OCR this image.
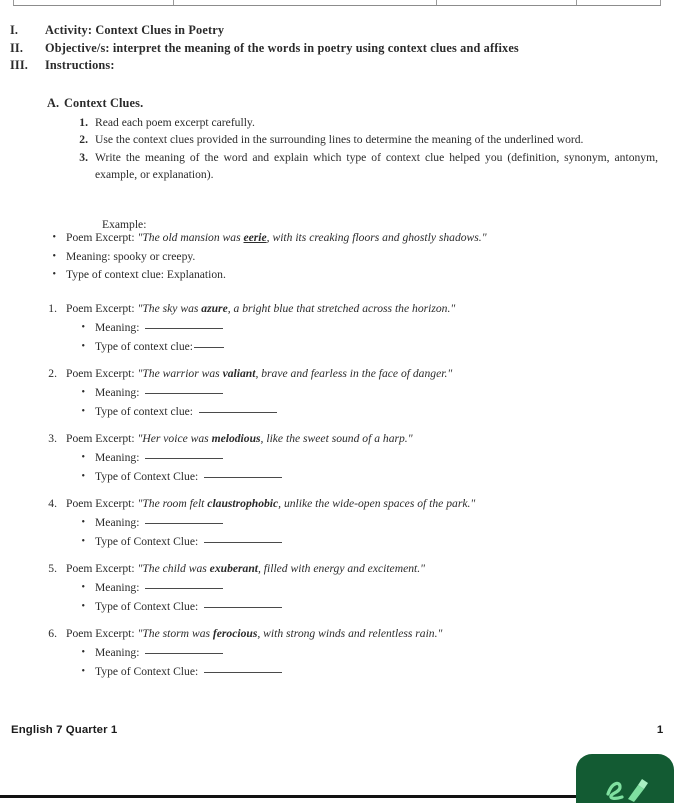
I.	Activity: Context Clues in Poetry
II.	Objective/s: interpret the meaning of the words in poetry using context clues and affixes
III.	Instructions:
A. Context Clues.
1. Read each poem excerpt carefully.
2. Use the context clues provided in the surrounding lines to determine the meaning of the underlined word.
3. Write the meaning of the word and explain which type of context clue helped you (definition, synonym, antonym, example, or explanation).
Example:
• Poem Excerpt: "The old mansion was eerie, with its creaking floors and ghostly shadows."
• Meaning: spooky or creepy.
• Type of context clue: Explanation.
1. Poem Excerpt: "The sky was azure, a bright blue that stretched across the horizon."
• Meaning:
• Type of context clue:
2. Poem Excerpt: "The warrior was valiant, brave and fearless in the face of danger."
• Meaning:
• Type of context clue:
3. Poem Excerpt: "Her voice was melodious, like the sweet sound of a harp."
• Meaning:
• Type of Context Clue:
4. Poem Excerpt: "The room felt claustrophobic, unlike the wide-open spaces of the park."
• Meaning:
• Type of Context Clue:
5. Poem Excerpt: "The child was exuberant, filled with energy and excitement."
• Meaning:
• Type of Context Clue:
6. Poem Excerpt: "The storm was ferocious, with strong winds and relentless rain."
• Meaning:
• Type of Context Clue:
English 7 Quarter 1	1
